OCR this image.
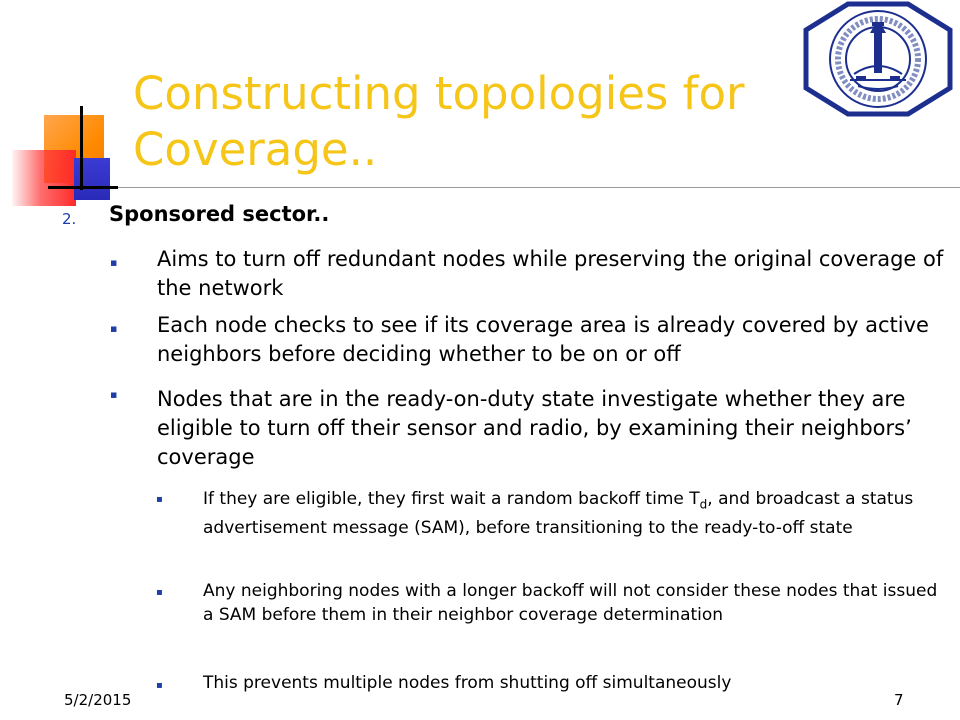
Constructing topologies for Coverage..
2. Sponsored sector..
▪ Aims to turn off redundant nodes while preserving the original coverage of the network
▪ Each node checks to see if its coverage area is already covered by active neighbors before deciding whether to be on or off
▪ Nodes that are in the ready-on-duty state investigate whether they are eligible to turn off their sensor and radio, by examining their neighbors’ coverage
▪ If they are eligible, they first wait a random backoff time $T_d$, and broadcast a status advertisement message (SAM), before transitioning to the ready-to-off state
▪ Any neighboring nodes with a longer backoff will not consider these nodes that issued a SAM before them in their neighbor coverage determination
▪ This prevents multiple nodes from shutting off simultaneously
5/2/2015	7
